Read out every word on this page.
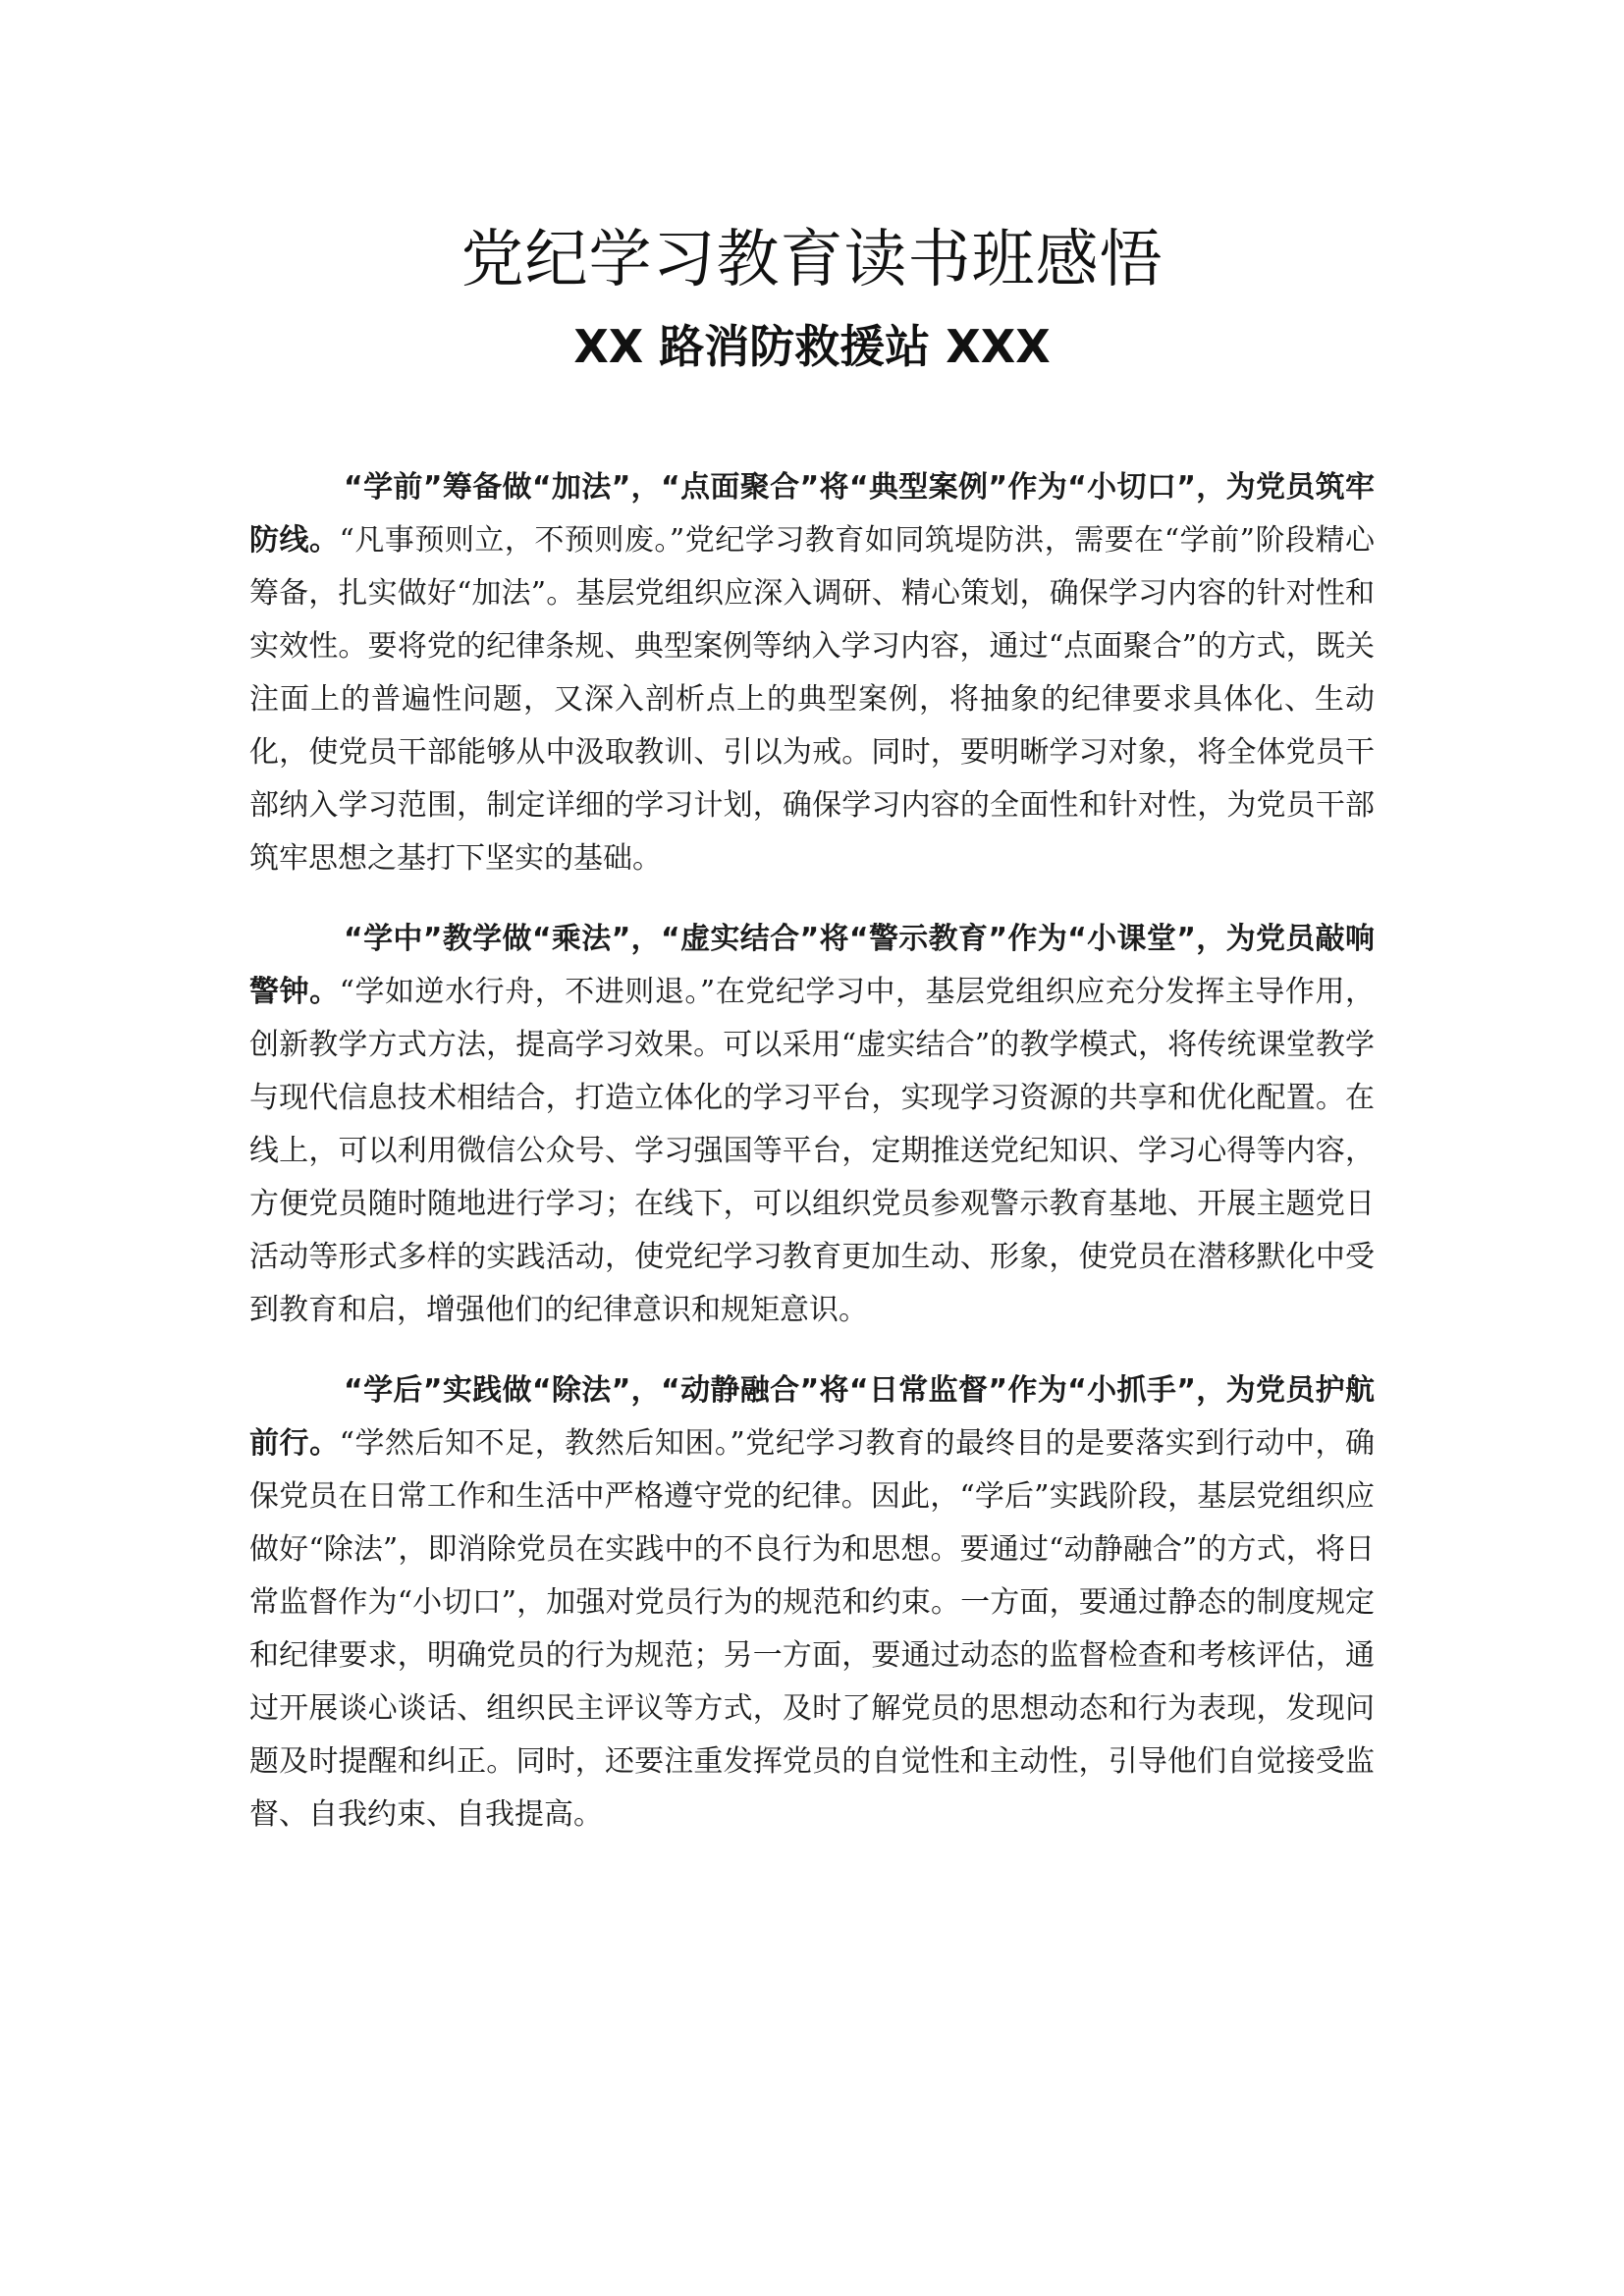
党纪学习教育读书班感悟
XX 路消防救援站 XXX

“学前”筹备做“加法”，“点面聚合”将“典型案例”作为“小切口”，为党员筑牢防线。“凡事预则立，不预则废。”党纪学习教育如同筑堤防洪，需要在“学前”阶段精心筹备，扎实做好“加法”。基层党组织应深入调研、精心策划，确保学习内容的针对性和实效性。要将党的纪律条规、典型案例等纳入学习内容，通过“点面聚合”的方式，既关注面上的普遍性问题，又深入剖析点上的典型案例，将抽象的纪律要求具体化、生动化，使党员干部能够从中汲取教训、引以为戒。同时，要明晰学习对象，将全体党员干部纳入学习范围，制定详细的学习计划，确保学习内容的全面性和针对性，为党员干部筑牢思想之基打下坚实的基础。

“学中”教学做“乘法”，“虚实结合”将“警示教育”作为“小课堂”，为党员敲响警钟。“学如逆水行舟，不进则退。”在党纪学习中，基层党组织应充分发挥主导作用，创新教学方式方法，提高学习效果。可以采用“虚实结合”的教学模式，将传统课堂教学与现代信息技术相结合，打造立体化的学习平台，实现学习资源的共享和优化配置。在线上，可以利用微信公众号、学习强国等平台，定期推送党纪知识、学习心得等内容，方便党员随时随地进行学习；在线下，可以组织党员参观警示教育基地、开展主题党日活动等形式多样的实践活动，使党纪学习教育更加生动、形象，使党员在潜移默化中受到教育和启，增强他们的纪律意识和规矩意识。

“学后”实践做“除法”，“动静融合”将“日常监督”作为“小抓手”，为党员护航前行。“学然后知不足，教然后知困。”党纪学习教育的最终目的是要落实到行动中，确保党员在日常工作和生活中严格遵守党的纪律。因此，“学后”实践阶段，基层党组织应做好“除法”，即消除党员在实践中的不良行为和思想。要通过“动静融合”的方式，将日常监督作为“小切口”，加强对党员行为的规范和约束。一方面，要通过静态的制度规定和纪律要求，明确党员的行为规范；另一方面，要通过动态的监督检查和考核评估，通过开展谈心谈话、组织民主评议等方式，及时了解党员的思想动态和行为表现，发现问题及时提醒和纠正。同时，还要注重发挥党员的自觉性和主动性，引导他们自觉接受监督、自我约束、自我提高。
